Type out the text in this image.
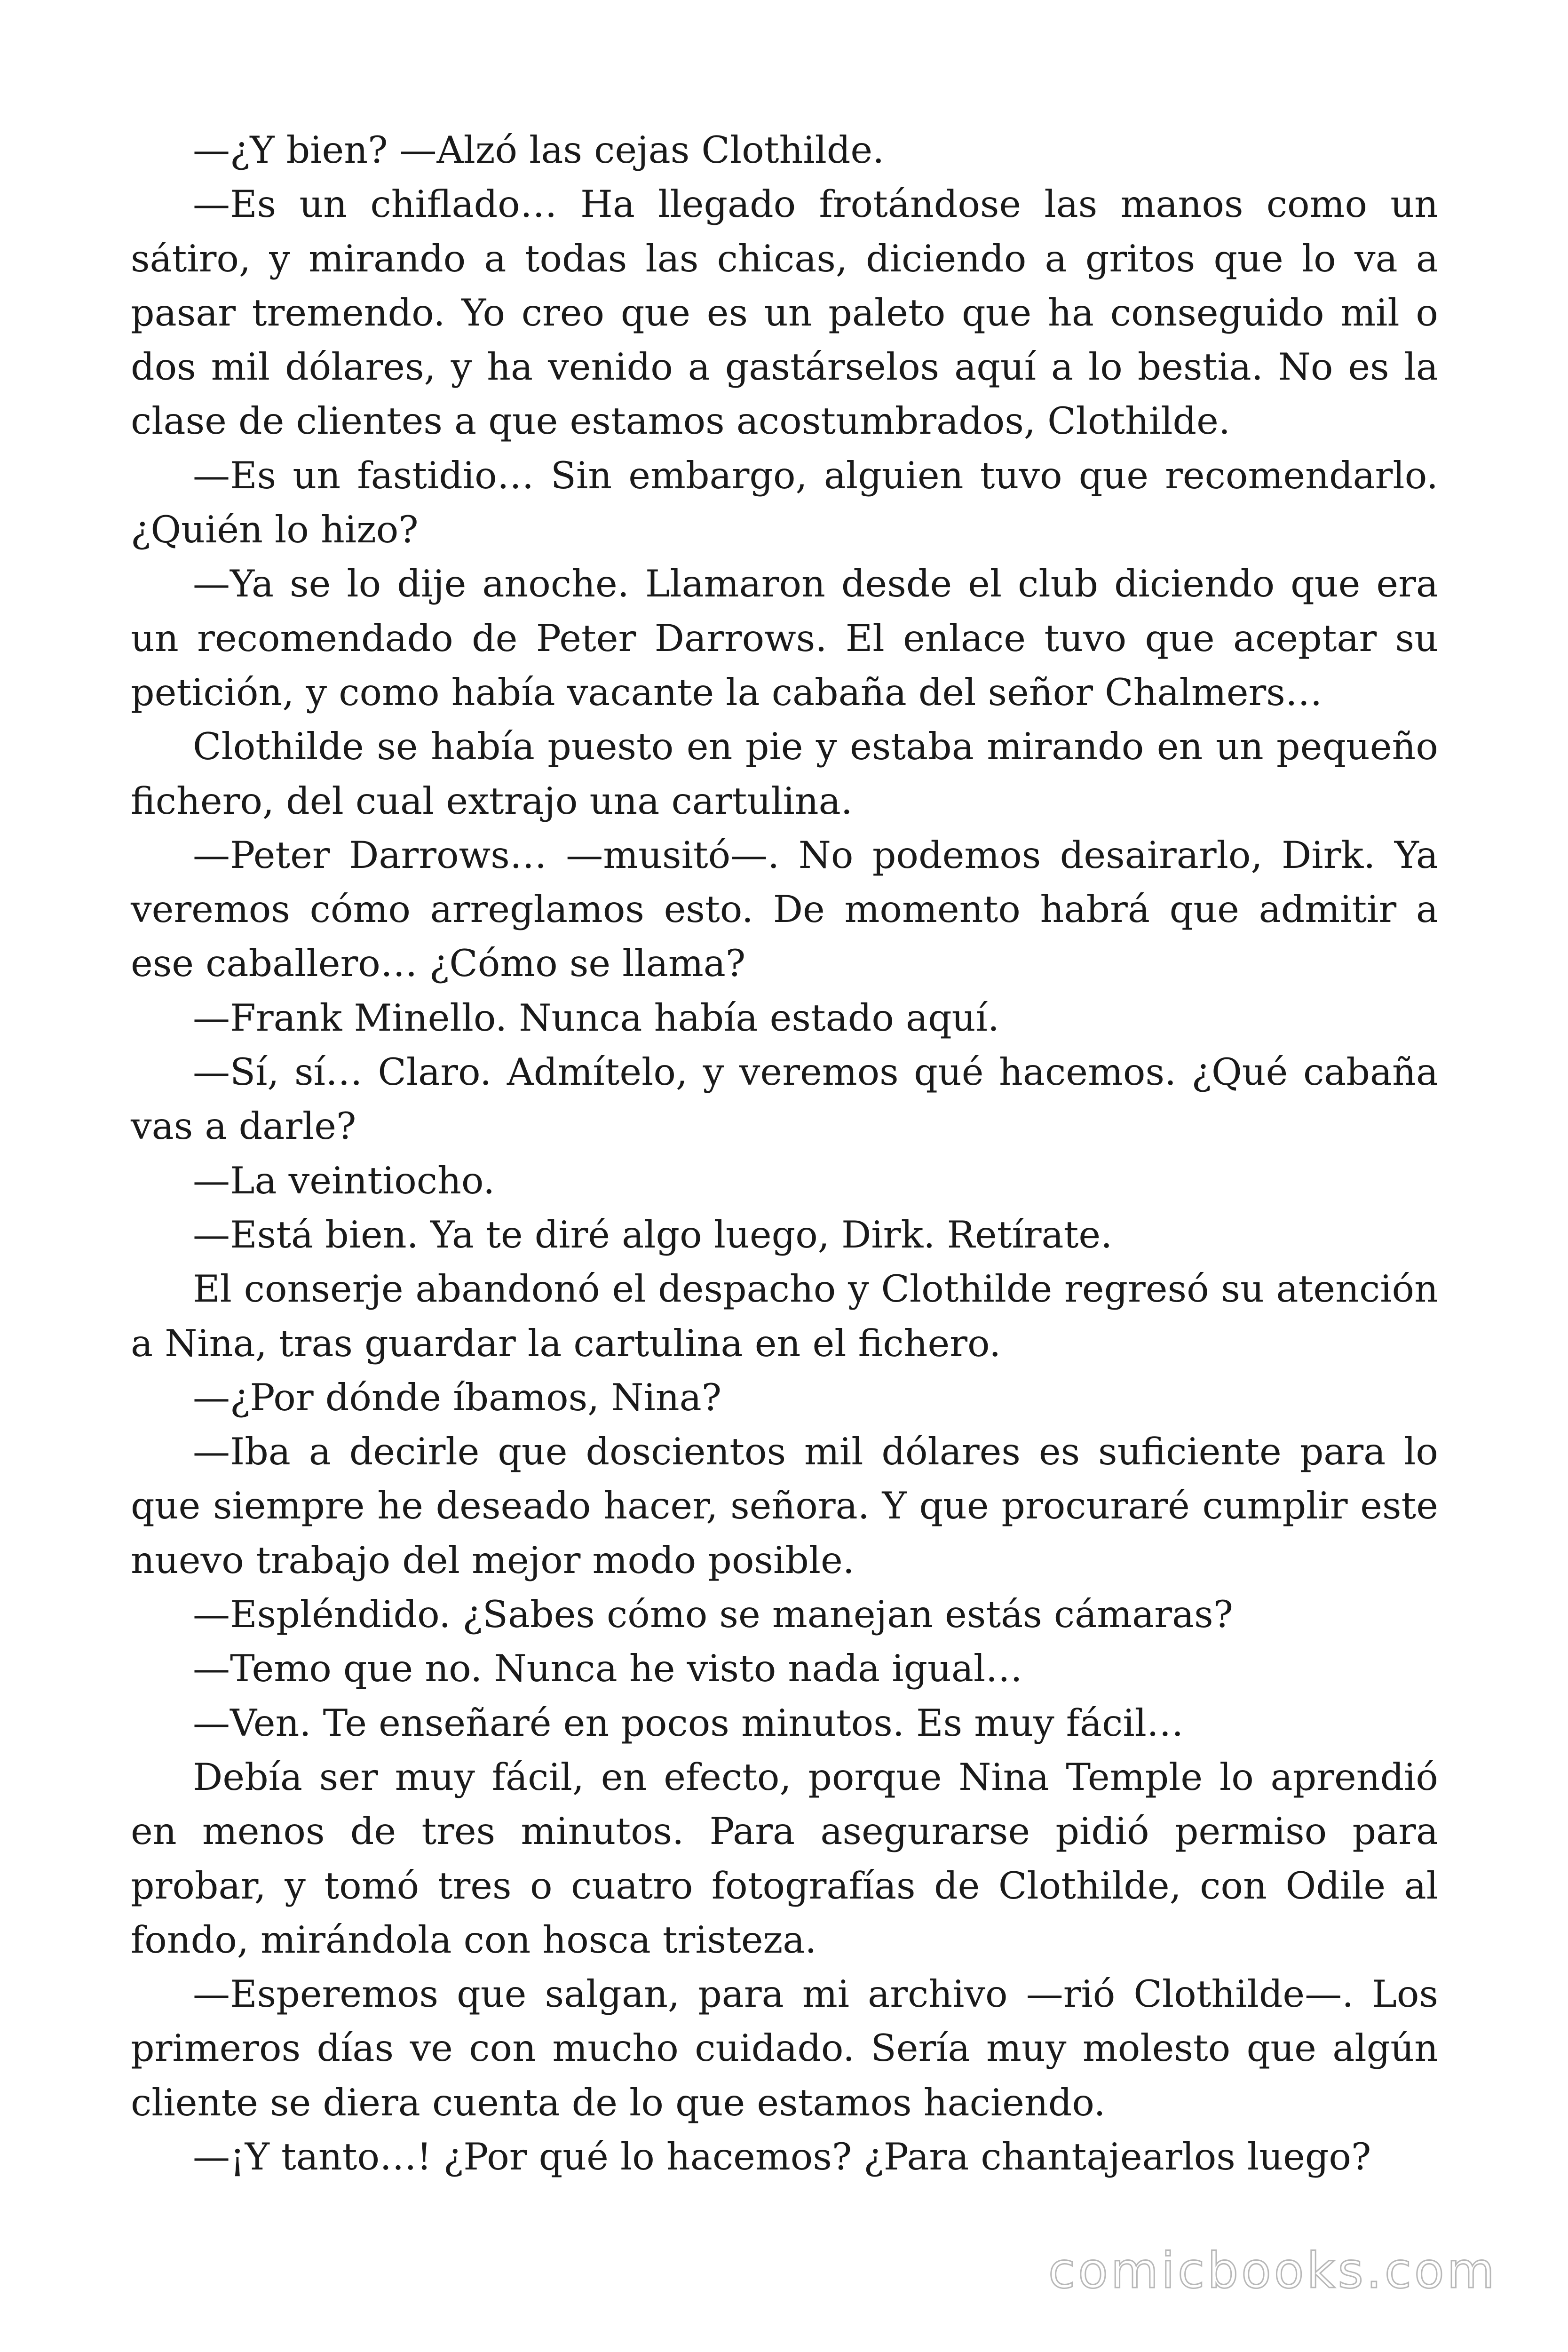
—¿Y bien? —Alzó las cejas Clothilde.

—Es un chiflado… Ha llegado frotándose las manos como un sátiro, y mirando a todas las chicas, diciendo a gritos que lo va a pasar tremendo. Yo creo que es un paleto que ha conseguido mil o dos mil dólares, y ha venido a gastárselos aquí a lo bestia. No es la clase de clientes a que estamos acostumbrados, Clothilde.

—Es un fastidio… Sin embargo, alguien tuvo que recomendarlo. ¿Quién lo hizo?

—Ya se lo dije anoche. Llamaron desde el club diciendo que era un recomendado de Peter Darrows. El enlace tuvo que aceptar su petición, y como había vacante la cabaña del señor Chalmers…

Clothilde se había puesto en pie y estaba mirando en un pequeño fichero, del cual extrajo una cartulina.

—Peter Darrows… —musitó—. No podemos desairarlo, Dirk. Ya veremos cómo arreglamos esto. De momento habrá que admitir a ese caballero… ¿Cómo se llama?

—Frank Minello. Nunca había estado aquí.

—Sí, sí… Claro. Admítelo, y veremos qué hacemos. ¿Qué cabaña vas a darle?

—La veintiocho.

—Está bien. Ya te diré algo luego, Dirk. Retírate.

El conserje abandonó el despacho y Clothilde regresó su atención a Nina, tras guardar la cartulina en el fichero.

—¿Por dónde íbamos, Nina?

—Iba a decirle que doscientos mil dólares es suficiente para lo que siempre he deseado hacer, señora. Y que procuraré cumplir este nuevo trabajo del mejor modo posible.

—Espléndido. ¿Sabes cómo se manejan estás cámaras?

—Temo que no. Nunca he visto nada igual…

—Ven. Te enseñaré en pocos minutos. Es muy fácil…

Debía ser muy fácil, en efecto, porque Nina Temple lo aprendió en menos de tres minutos. Para asegurarse pidió permiso para probar, y tomó tres o cuatro fotografías de Clothilde, con Odile al fondo, mirándola con hosca tristeza.

—Esperemos que salgan, para mi archivo —rió Clothilde—. Los primeros días ve con mucho cuidado. Sería muy molesto que algún cliente se diera cuenta de lo que estamos haciendo.

—¡Y tanto…! ¿Por qué lo hacemos? ¿Para chantajearlos luego?

comicbooks.com
